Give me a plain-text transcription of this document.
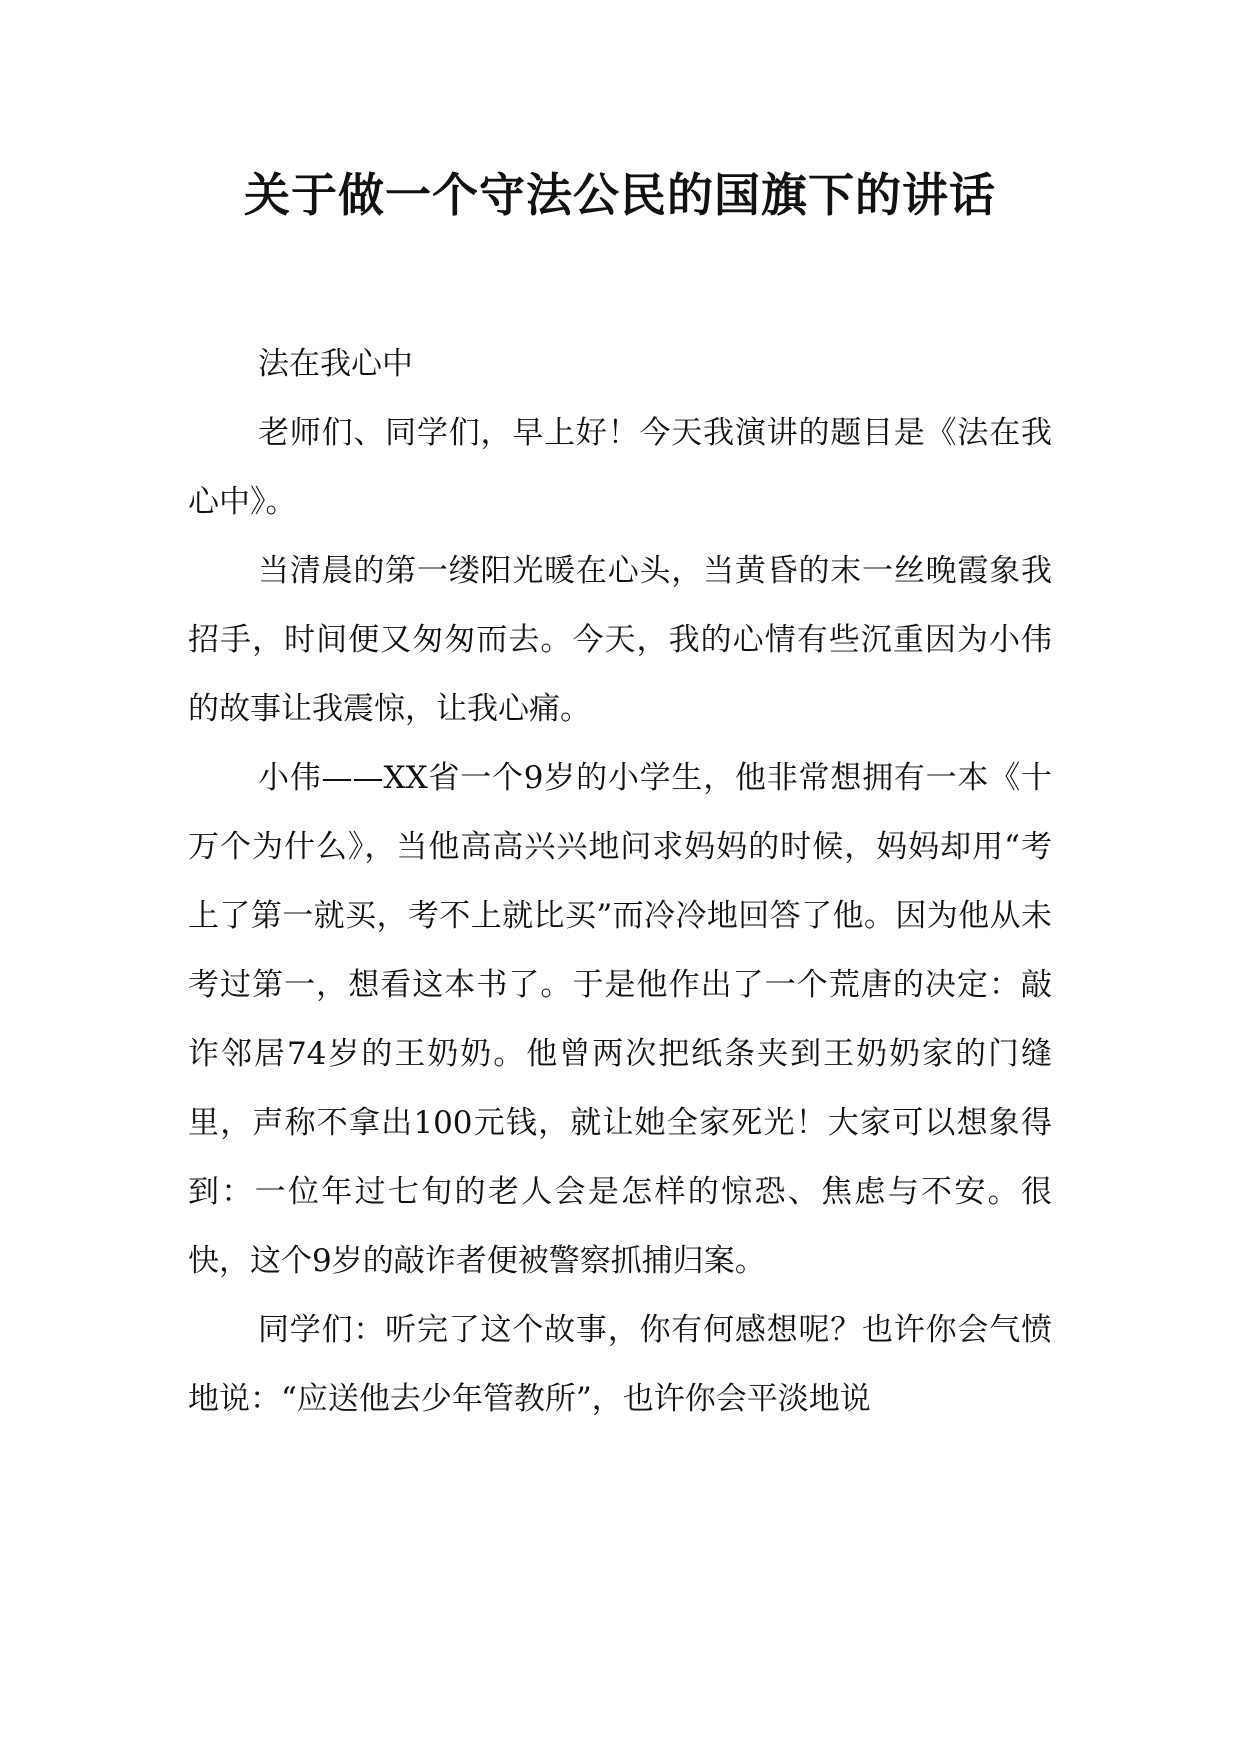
关于做一个守法公民的国旗下的讲话

法在我心中

老师们、同学们，早上好！今天我演讲的题目是《法在我心中》。

当清晨的第一缕阳光暖在心头，当黄昏的末一丝晚霞象我招手，时间便又匆匆而去。今天，我的心情有些沉重因为小伟的故事让我震惊，让我心痛。

小伟——XX省一个9岁的小学生，他非常想拥有一本《十万个为什么》，当他高高兴兴地问求妈妈的时候，妈妈却用“考上了第一就买，考不上就比买”而冷冷地回答了他。因为他从未考过第一，想看这本书了。于是他作出了一个荒唐的决定：敲诈邻居74岁的王奶奶。他曾两次把纸条夹到王奶奶家的门缝里，声称不拿出100元钱，就让她全家死光！大家可以想象得到：一位年过七旬的老人会是怎样的惊恐、焦虑与不安。很快，这个9岁的敲诈者便被警察抓捕归案。

同学们：听完了这个故事，你有何感想呢？也许你会气愤地说：“应送他去少年管教所”，也许你会平淡地说
